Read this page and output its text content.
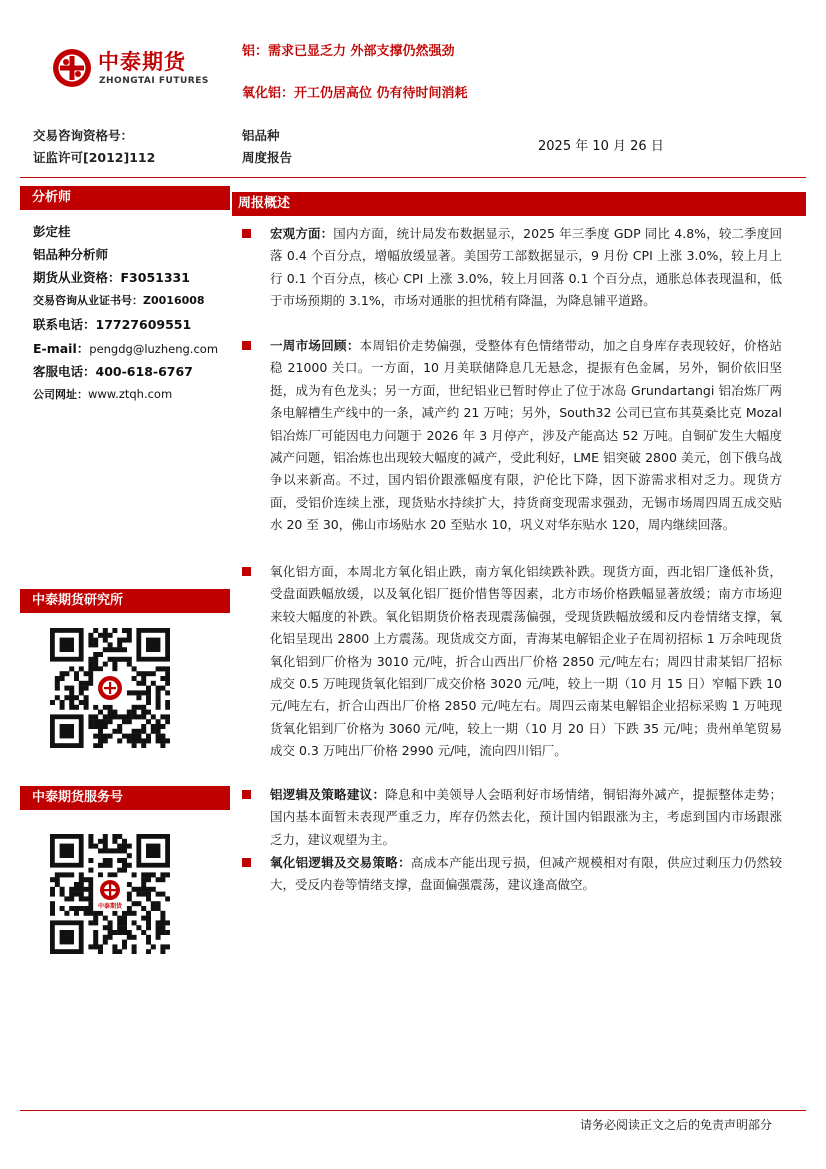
中泰期货
ZHONGTAI FUTURES
铝：需求已显乏力 外部支撑仍然强劲
氧化铝：开工仍居高位 仍有待时间消耗
交易咨询资格号：
证监许可[2012]112
铝品种
周度报告
2025 年 10 月 26 日
分析师
彭定桂
铝品种分析师
期货从业资格：F3051331
交易咨询从业证书号：Z0016008
联系电话：17727609551
E-mail：pengdg@luzheng.com
客服电话：400-618-6767
公司网址：www.ztqh.com
中泰期货研究所
中泰期货服务号
中泰期货
周报概述

宏观方面：国内方面，统计局发布数据显示，2025 年三季度 GDP 同比 4.8%，较二季度回落 0.4 个百分点，增幅放缓显著。美国劳工部数据显示，9 月份 CPI 上涨 3.0%，较上月上行 0.1 个百分点，核心 CPI 上涨 3.0%，较上月回落 0.1 个百分点，通胀总体表现温和，低于市场预期的 3.1%，市场对通胀的担忧稍有降温，为降息铺平道路。

一周市场回顾：本周铝价走势偏强，受整体有色情绪带动，加之自身库存表现较好，价格站稳 21000 关口。一方面，10 月美联储降息几无悬念，提振有色金属，另外，铜价依旧坚挺，成为有色龙头；另一方面，世纪铝业已暂时停止了位于冰岛 Grundartangi 铝冶炼厂两条电解槽生产线中的一条，减产约 21 万吨；另外，South32 公司已宣布其莫桑比克 Mozal 铝冶炼厂可能因电力问题于 2026 年 3 月停产，涉及产能高达 52 万吨。自铜矿发生大幅度减产问题，铝冶炼也出现较大幅度的减产，受此利好，LME 铝突破 2800 美元，创下俄乌战争以来新高。不过，国内铝价跟涨幅度有限，沪伦比下降，因下游需求相对乏力。现货方面，受铝价连续上涨，现货贴水持续扩大，持货商变现需求强劲，无锡市场周四周五成交贴水 20 至 30，佛山市场贴水 20 至贴水 10，巩义对华东贴水 120，周内继续回落。

氧化铝方面，本周北方氧化铝止跌，南方氧化铝续跌补跌。现货方面，西北铝厂逢低补货，受盘面跌幅放缓，以及氧化铝厂挺价惜售等因素，北方市场价格跌幅显著放缓；南方市场迎来较大幅度的补跌。氧化铝期货价格表现震荡偏强，受现货跌幅放缓和反内卷情绪支撑，氧化铝呈现出 2800 上方震荡。现货成交方面，青海某电解铝企业子在周初招标 1 万余吨现货氧化铝到厂价格为 3010 元/吨，折合山西出厂价格 2850 元/吨左右；周四甘肃某铝厂招标成交 0.5 万吨现货氧化铝到厂成交价格 3020 元/吨，较上一期（10 月 15 日）窄幅下跌 10 元/吨左右，折合山西出厂价格 2850 元/吨左右。周四云南某电解铝企业招标采购 1 万吨现货氧化铝到厂价格为 3060 元/吨，较上一期（10 月 20 日）下跌 35 元/吨；贵州单笔贸易成交 0.3 万吨出厂价格 2990 元/吨，流向四川铝厂。

铝逻辑及策略建议：降息和中美领导人会晤利好市场情绪，铜铝海外减产，提振整体走势；国内基本面暂未表现严重乏力，库存仍然去化，预计国内铝跟涨为主，考虑到国内市场跟涨乏力，建议观望为主。

氧化铝逻辑及交易策略：高成本产能出现亏损，但减产规模相对有限，供应过剩压力仍然较大，受反内卷等情绪支撑，盘面偏强震荡，建议逢高做空。

请务必阅读正文之后的免责声明部分
